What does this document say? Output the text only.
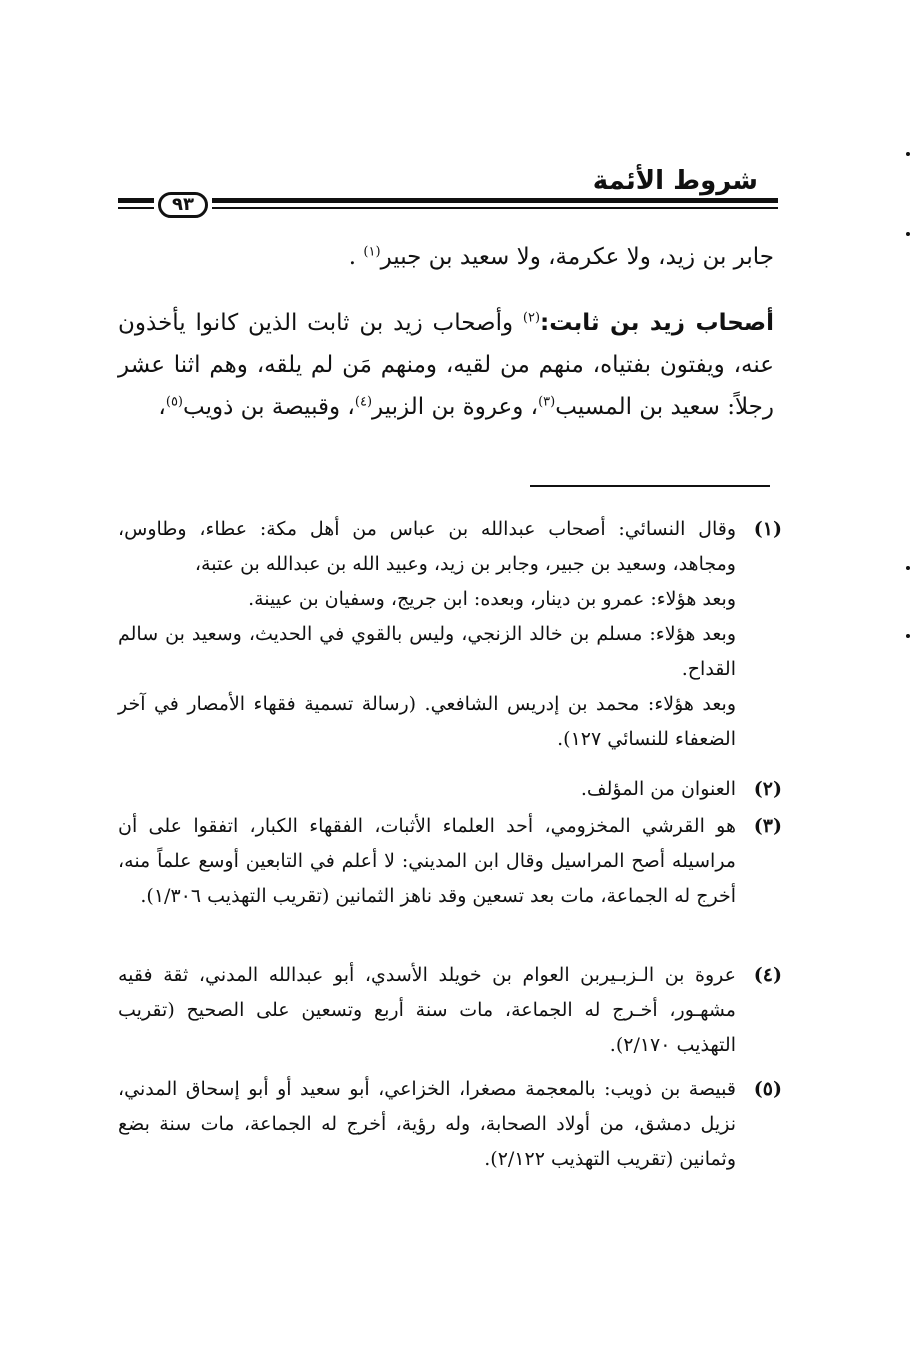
شروط الأئمة
٩٣

جابر بن زيد، ولا عكرمة، ولا سعيد بن جبير$^{(١)}$ .

أصحاب زيد بن ثابت:$^{(٢)}$ وأصحاب زيد بن ثابت الذين كانوا يأخذون عنه، ويفتون بفتياه، منهم من لقيه، ومنهم مَن لم يلقه، وهم اثنا عشر رجلاً: سعيد بن المسيب$^{(٣)}$، وعروة بن الزبير$^{(٤)}$، وقبيصة بن ذويب$^{(٥)}$،

(١)

وقال النسائي: أصحاب عبدالله بن عباس من أهل مكة: عطاء، وطاوس، ومجاهد، وسعيد بن جبير، وجابر بن زيد، وعبيد الله بن عبدالله بن عتبة،

وبعد هؤلاء: عمرو بن دينار، وبعده: ابن جريج، وسفيان بن عيينة.

وبعد هؤلاء: مسلم بن خالد الزنجي، وليس بالقوي في الحديث، وسعيد بن سالم القداح.

وبعد هؤلاء: محمد بن إدريس الشافعي. (رسالة تسمية فقهاء الأمصار في آخر الضعفاء للنسائي ١٢٧).

(٢)

العنوان من المؤلف.

(٣)

هو القرشي المخزومي، أحد العلماء الأثبات، الفقهاء الكبار، اتفقوا على أن مراسيله أصح المراسيل وقال ابن المديني: لا أعلم في التابعين أوسع علماً منه، أخرج له الجماعة، مات بعد تسعين وقد ناهز الثمانين (تقريب التهذيب ١/٣٠٦).

(٤)

عروة بن الـزبـيربن العوام بن خويلد الأسدي، أبو عبدالله المدني، ثقة فقيه مشهـور، أخـرج له الجماعة، مات سنة أربع وتسعين على الصحيح (تقريب التهذيب ٢/١٧٠).

(٥)

قبيصة بن ذويب: بالمعجمة مصغرا، الخزاعي، أبو سعيد أو أبو إسحاق المدني، نزيل دمشق، من أولاد الصحابة، وله رؤية، أخرج له الجماعة، مات سنة بضع وثمانين (تقريب التهذيب ٢/١٢٢).
